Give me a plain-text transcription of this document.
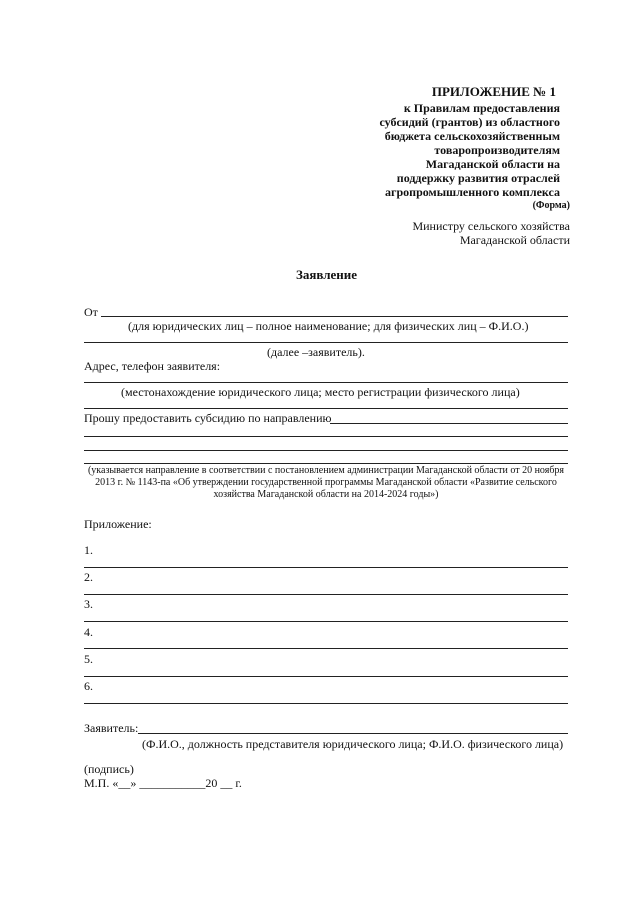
ПРИЛОЖЕНИЕ № 1
к Правилам предоставления
субсидий (грантов) из областного
бюджета сельскохозяйственным
товаропроизводителям
Магаданской области на
поддержку развития отраслей
агропромышленного комплекса
(Форма)
Министру сельского хозяйства
Магаданской области
Заявление
От
(для юридических лиц – полное наименование; для физических лиц – Ф.И.О.)
(далее –заявитель).
Адрес, телефон заявителя:
(местонахождение юридического лица; место регистрации физического лица)
Прошу предоставить субсидию по направлению
(указывается направление в соответствии с постановлением администрации Магаданской области от 20 ноября
2013 г. № 1143-па «Об утверждении государственной программы Магаданской области «Развитие сельского
хозяйства Магаданской области на 2014-2024 годы»)
Приложение:
1.
2.
3.
4.
5.
6.
Заявитель:
(Ф.И.О., должность представителя юридического лица; Ф.И.О. физического лица)
(подпись)
М.П. «__» ___________20 __ г.
